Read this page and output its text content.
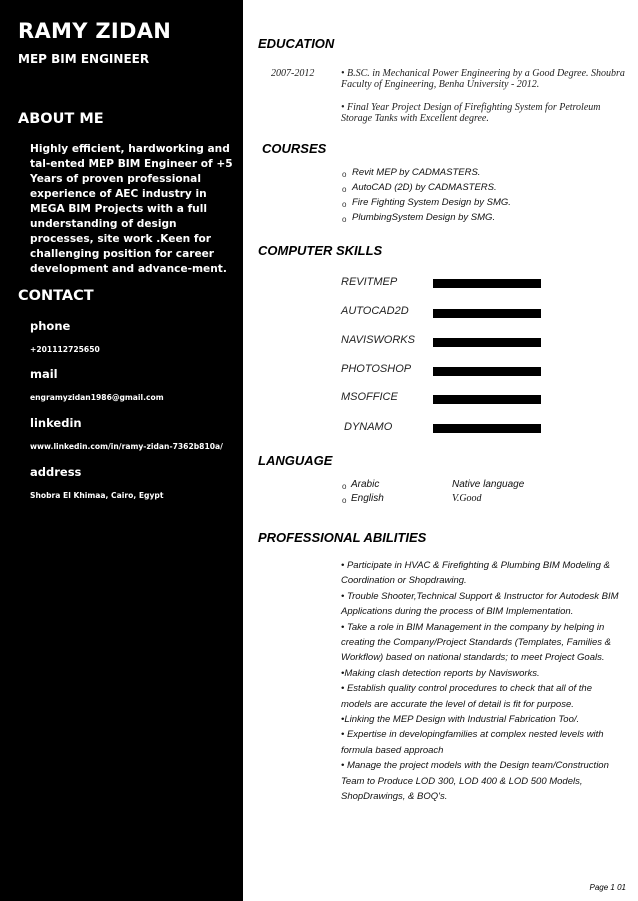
RAMY ZIDAN
MEP BIM ENGINEER
ABOUT ME
Highly efficient, hardworking and tal-ented MEP BIM Engineer of +5 Years of proven professional experience of AEC industry in MEGA BIM Projects with a full understanding of design processes, site work .Keen for challenging position for career development and advance-ment.
CONTACT
phone
+201112725650
mail
engramyzidan1986@gmail.com
linkedin
www.linkedin.com/in/ramy-zidan-7362b810a/
address
Shobra El Khimaa, Cairo, Egypt
EDUCATION
2007-2012	• B.SC. in Mechanical Power Engineering by a Good Degree. Shoubra Faculty of Engineering, Benha University - 2012.
• Final Year Project Design of Firefighting System for Petroleum Storage Tanks with Excellent degree.
COURSES
o Revit MEP by CADMASTERS.
o AutoCAD (2D) by CADMASTERS.
o Fire Fighting System Design by SMG.
o PlumbingSystem Design by SMG.
COMPUTER SKILLS
REVITMEP
AUTOCAD2D
NAVISWORKS
PHOTOSHOP
MSOFFICE
DYNAMO
LANGUAGE
o Arabic	Native language
o English	V.Good
PROFESSIONAL ABILITIES

• Participate in HVAC & Firefighting & Plumbing BIM Modeling & Coordination or Shopdrawing.

• Trouble Shooter,Technical Support & Instructor for Autodesk BIM Applications during the process of BIM Implementation.

• Take a role in BIM Management in the company by helping in creating the Company/Project Standards (Templates, Families & Workflow) based on national standards; to meet Project Goals.

•Making clash detection reports by Navisworks.

• Establish quality control procedures to check that all of the models are accurate the level of detail is fit for purpose.

•Linking the MEP Design with Industrial Fabrication Too/.

• Expertise in developingfamilies at complex nested levels with formula based approach

• Manage the project models with the Design team/Construction Team to Produce LOD 300, LOD 400 & LOD 500 Models, ShopDrawings, & BOQ's.

Page 1 01
